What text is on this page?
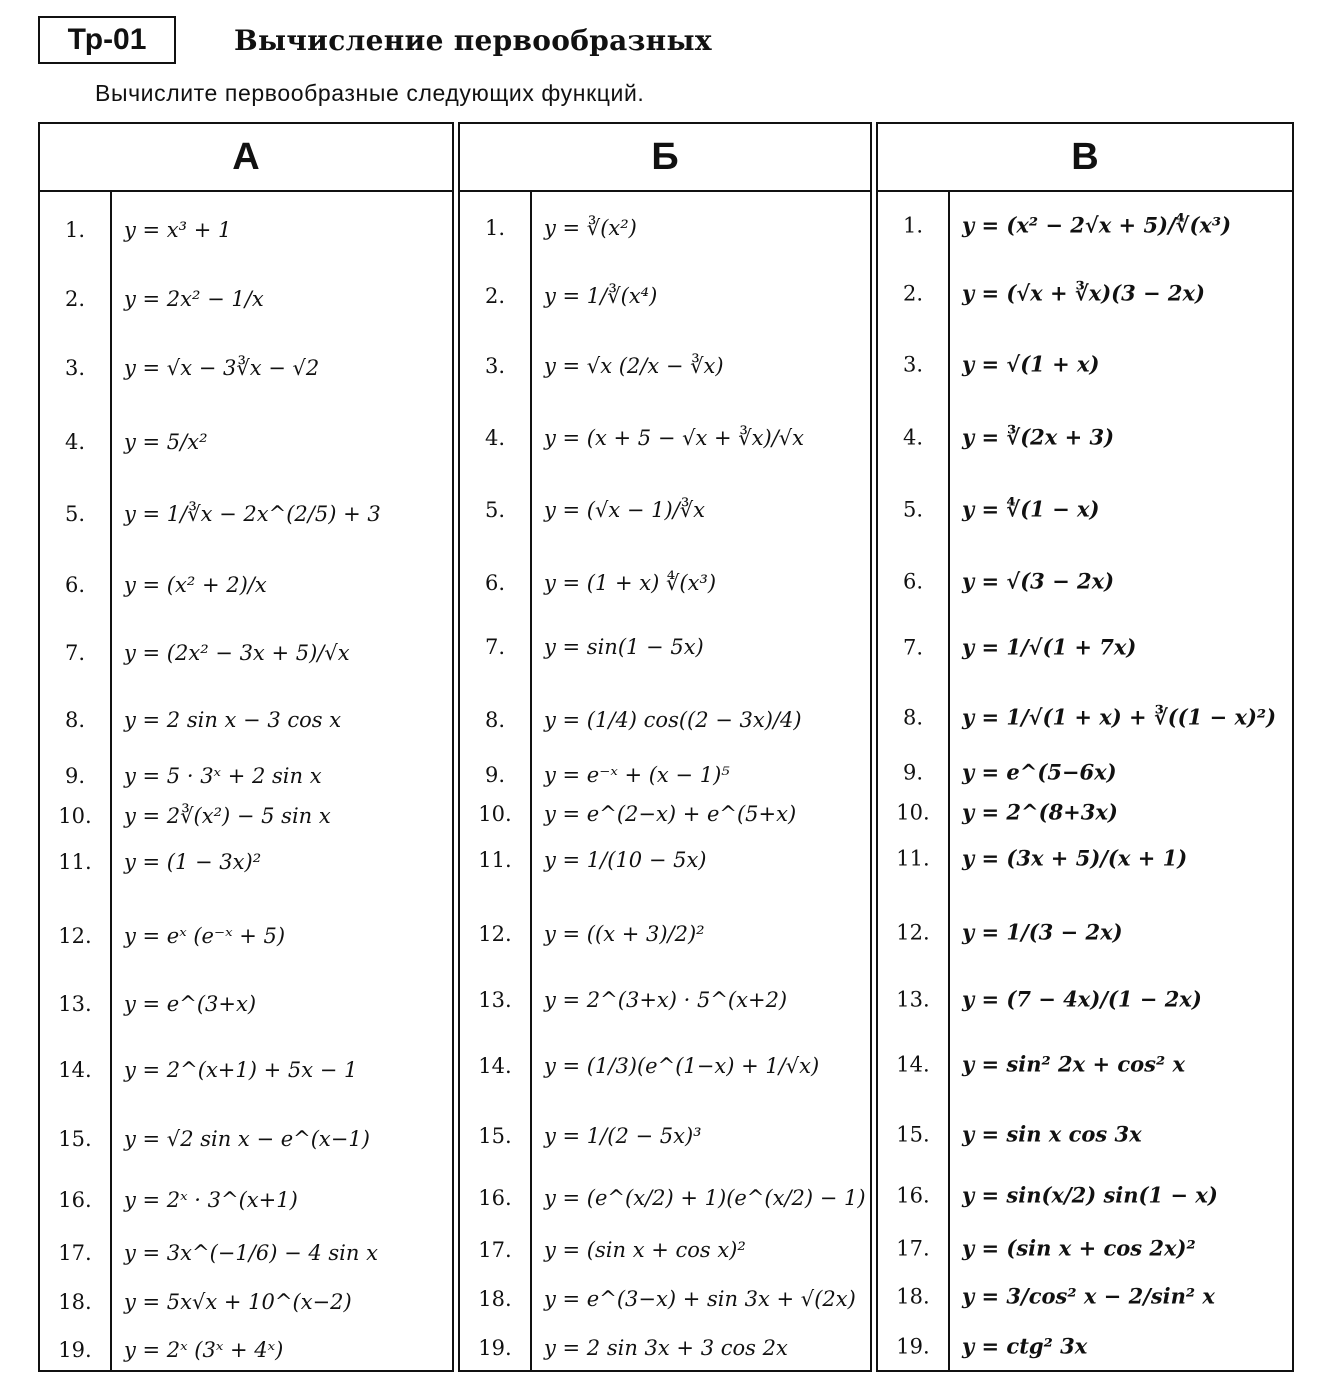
Тр-01	Вычисление первообразных
Вычислите первообразные следующих функций.
А
1.	y = x³ + 1
2.	y = 2x² − 1/x
3.	y = √x − 3∛x − √2
4.	y = 5/x²
5.	y = 1/∛x − 2x^(2/5) + 3
6.	y = (x² + 2)/x
7.	y = (2x² − 3x + 5)/√x
8.	y = 2 sin x − 3 cos x
9.	y = 5 · 3ˣ + 2 sin x
10.	y = 2∛(x²) − 5 sin x
11.	y = (1 − 3x)²
12.	y = eˣ (e⁻ˣ + 5)
13.	y = e^(3+x)
14.	y = 2^(x+1) + 5x − 1
15.	y = √2 sin x − e^(x−1)
16.	y = 2ˣ · 3^(x+1)
17.	y = 3x^(−1/6) − 4 sin x
18.	y = 5x√x + 10^(x−2)
19.	y = 2ˣ (3ˣ + 4ˣ)
Б
1.	y = ∛(x²)
2.	y = 1/∛(x⁴)
3.	y = √x (2/x − ∛x)
4.	y = (x + 5 − √x + ∛x)/√x
5.	y = (√x − 1)/∛x
6.	y = (1 + x) ∜(x³)
7.	y = sin(1 − 5x)
8.	y = (1/4) cos((2 − 3x)/4)
9.	y = e⁻ˣ + (x − 1)⁵
10.	y = e^(2−x) + e^(5+x)
11.	y = 1/(10 − 5x)
12.	y = ((x + 3)/2)²
13.	y = 2^(3+x) · 5^(x+2)
14.	y = (1/3)(e^(1−x) + 1/√x)
15.	y = 1/(2 − 5x)³
16.	y = (e^(x/2) + 1)(e^(x/2) − 1)
17.	y = (sin x + cos x)²
18.	y = e^(3−x) + sin 3x + √(2x)
19.	y = 2 sin 3x + 3 cos 2x
В
1.	y = (x² − 2√x + 5)/∜(x³)
2.	y = (√x + ∛x)(3 − 2x)
3.	y = √(1 + x)
4.	y = ∛(2x + 3)
5.	y = ∜(1 − x)
6.	y = √(3 − 2x)
7.	y = 1/√(1 + 7x)
8.	y = 1/√(1 + x) + ∛((1 − x)²)
9.	y = e^(5−6x)
10.	y = 2^(8+3x)
11.	y = (3x + 5)/(x + 1)
12.	y = 1/(3 − 2x)
13.	y = (7 − 4x)/(1 − 2x)
14.	y = sin² 2x + cos² x
15.	y = sin x cos 3x
16.	y = sin(x/2) sin(1 − x)
17.	y = (sin x + cos 2x)²
18.	y = 3/cos² x − 2/sin² x
19.	y = ctg² 3x
